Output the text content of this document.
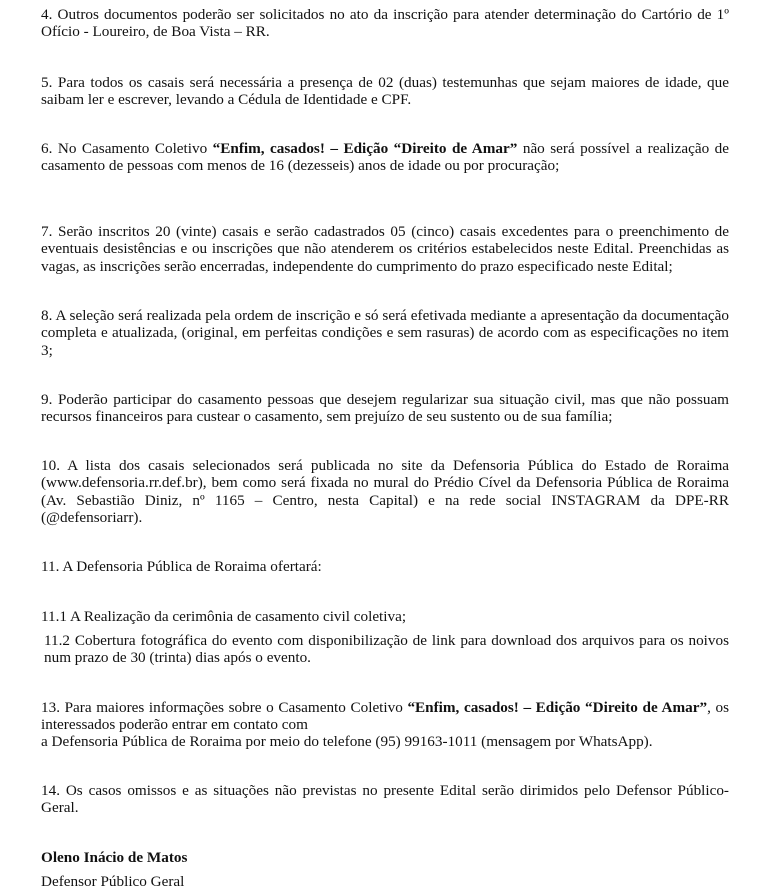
4. Outros documentos poderão ser solicitados no ato da inscrição para atender determinação do Cartório de 1º Ofício - Loureiro, de Boa Vista – RR.

5. Para todos os casais será necessária a presença de 02 (duas) testemunhas que sejam maiores de idade, que saibam ler e escrever, levando a Cédula de Identidade e CPF.

6. No Casamento Coletivo “Enfim, casados! – Edição “Direito de Amar” não será possível a realização de casamento de pessoas com menos de 16 (dezesseis) anos de idade ou por procuração;

7. Serão inscritos 20 (vinte) casais e serão cadastrados 05 (cinco) casais excedentes para o preenchimento de eventuais desistências e ou inscrições que não atenderem os critérios estabelecidos neste Edital. Preenchidas as vagas, as inscrições serão encerradas, independente do cumprimento do prazo especificado neste Edital;

8. A seleção será realizada pela ordem de inscrição e só será efetivada mediante a apresentação da documentação completa e atualizada, (original, em perfeitas condições e sem rasuras) de acordo com as especificações no item 3;

9. Poderão participar do casamento pessoas que desejem regularizar sua situação civil, mas que não possuam recursos financeiros para custear o casamento, sem prejuízo de seu sustento ou de sua família;

10. A lista dos casais selecionados será publicada no site da Defensoria Pública do Estado de Roraima (www.defensoria.rr.def.br), bem como será fixada no mural do Prédio Cível da Defensoria Pública de Roraima (Av. Sebastião Diniz, nº 1165 – Centro, nesta Capital) e na rede social INSTAGRAM da DPE-RR (@defensoriarr).

11. A Defensoria Pública de Roraima ofertará:

11.1 A Realização da cerimônia de casamento civil coletiva;

11.2 Cobertura fotográfica do evento com disponibilização de link para download dos arquivos para os noivos num prazo de 30 (trinta) dias após o evento.

13. Para maiores informações sobre o Casamento Coletivo “Enfim, casados! – Edição “Direito de Amar”, os interessados poderão entrar em contato com

a Defensoria Pública de Roraima por meio do telefone (95) 99163-1011 (mensagem por WhatsApp).

14. Os casos omissos e as situações não previstas no presente Edital serão dirimidos pelo Defensor Público-Geral.

Oleno Inácio de Matos

Defensor Público Geral
